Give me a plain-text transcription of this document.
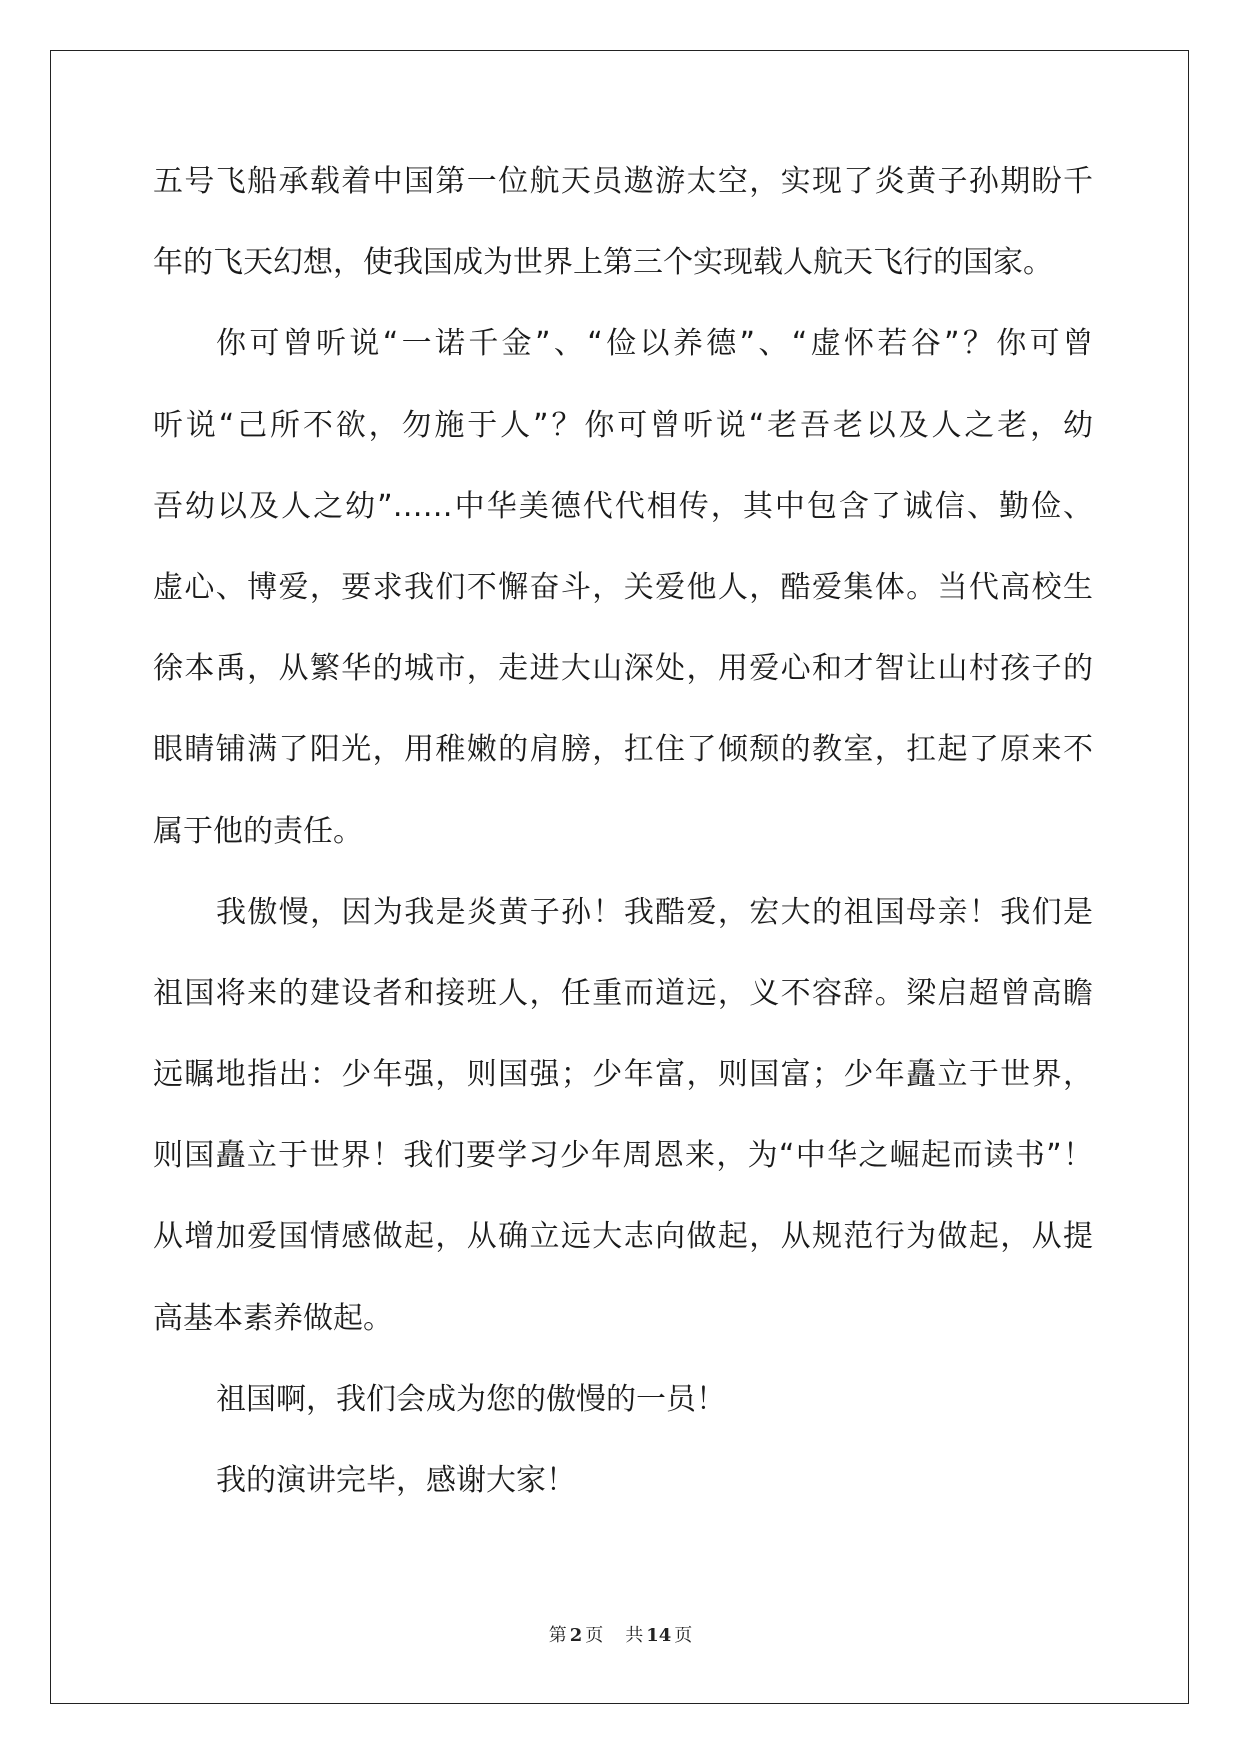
五号飞船承载着中国第一位航天员遨游太空，实现了炎黄子孙期盼千
年的飞天幻想，使我国成为世界上第三个实现载人航天飞行的国家。
你可曾听说“一诺千金”、“俭以养德”、“虚怀若谷”？你可曾
听说“己所不欲，勿施于人”？你可曾听说“老吾老以及人之老，幼
吾幼以及人之幼”……中华美德代代相传，其中包含了诚信、勤俭、
虚心、博爱，要求我们不懈奋斗，关爱他人，酷爱集体。当代高校生
徐本禹，从繁华的城市，走进大山深处，用爱心和才智让山村孩子的
眼睛铺满了阳光，用稚嫩的肩膀，扛住了倾颓的教室，扛起了原来不
属于他的责任。
我傲慢，因为我是炎黄子孙！我酷爱，宏大的祖国母亲！我们是
祖国将来的建设者和接班人，任重而道远，义不容辞。梁启超曾高瞻
远瞩地指出：少年强，则国强；少年富，则国富；少年矗立于世界，
则国矗立于世界！我们要学习少年周恩来，为“中华之崛起而读书”！
从增加爱国情感做起，从确立远大志向做起，从规范行为做起，从提
高基本素养做起。
祖国啊，我们会成为您的傲慢的一员！
我的演讲完毕，感谢大家！
第 2 页 共 14 页
